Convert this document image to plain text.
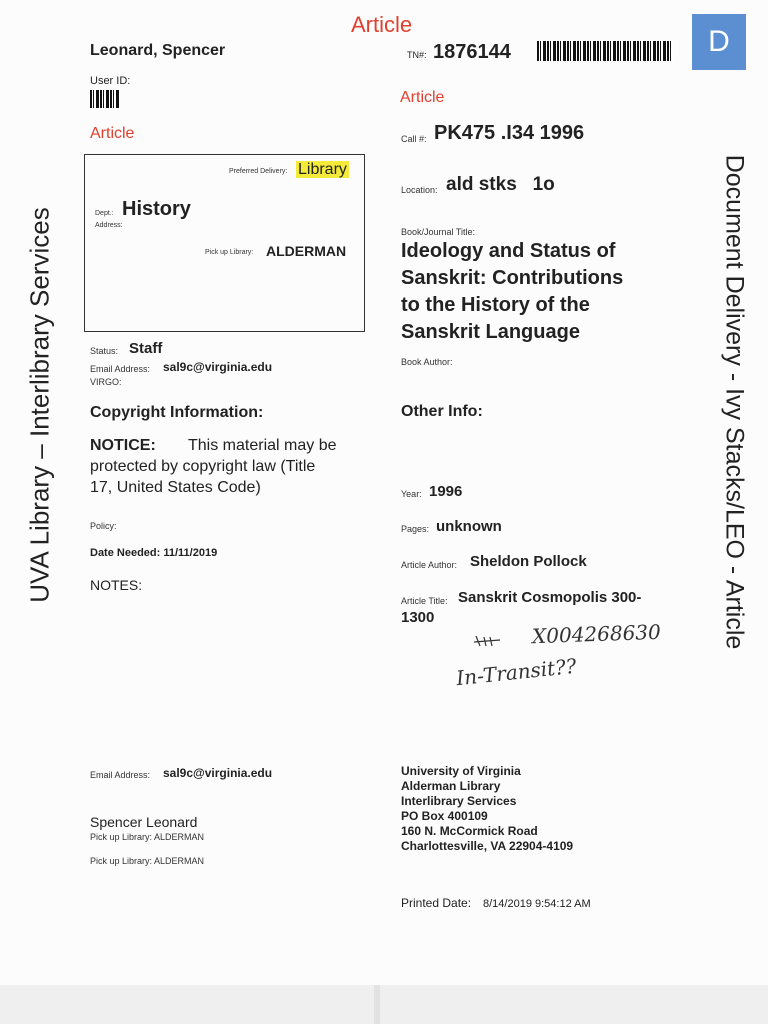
Article
Leonard, Spencer
User ID:
TN#: 1876144	D
UVA Library – Interlibrary Services	Document Delivery - Ivy Stacks/LEO - Article
Article
Preferred Delivery: Library
Dept.: History
Address:
Pick up Library: ALDERMAN
Status: Staff
Email Address: sal9c@virginia.edu
VIRGO:
Copyright Information:
NOTICE: This material may be
protected by copyright law (Title
17, United States Code)
Policy:
Date Needed: 11/11/2019
NOTES:
Email Address: sal9c@virginia.edu
Spencer Leonard
Pick up Library: ALDERMAN
Pick up Library: ALDERMAN
Article
Call #: PK475 .I34 1996
Location: ald stks   1o
Book/Journal Title:
Ideology and Status of
Sanskrit: Contributions
to the History of the
Sanskrit Language
Book Author:
Other Info:
Year: 1996
Pages: unknown
Article Author: Sheldon Pollock
Article Title: Sanskrit Cosmopolis 300-
1300
X004268630
In-Transit??
University of Virginia
Alderman Library
Interlibrary Services
PO Box 400109
160 N. McCormick Road
Charlottesville, VA 22904-4109
Printed Date: 8/14/2019 9:54:12 AM
